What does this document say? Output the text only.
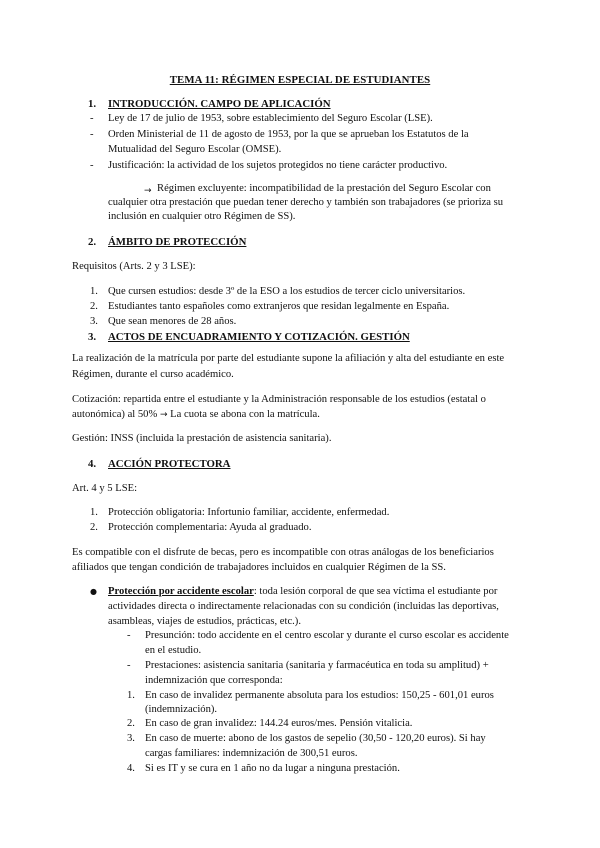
TEMA 11: RÉGIMEN ESPECIAL DE ESTUDIANTES
1. INTRODUCCIÓN. CAMPO DE APLICACIÓN
- Ley de 17 de julio de 1953, sobre establecimiento del Seguro Escolar (LSE).
- Orden Ministerial de 11 de agosto de 1953, por la que se aprueban los Estatutos de la
Mutualidad del Seguro Escolar (OMSE).
- Justificación: la actividad de los sujetos protegidos no tiene carácter productivo.
→ Régimen excluyente: incompatibilidad de la prestación del Seguro Escolar con
cualquier otra prestación que puedan tener derecho y también son trabajadores (se prioriza su
inclusión en cualquier otro Régimen de SS).
2. ÁMBITO DE PROTECCIÓN
Requisitos (Arts. 2 y 3 LSE):
1. Que cursen estudios: desde 3º de la ESO a los estudios de tercer ciclo universitarios.
2. Estudiantes tanto españoles como extranjeros que residan legalmente en España.
3. Que sean menores de 28 años.
3. ACTOS DE ENCUADRAMIENTO Y COTIZACIÓN. GESTIÓN
La realización de la matrícula por parte del estudiante supone la afiliación y alta del estudiante en este
Régimen, durante el curso académico.
Cotización: repartida entre el estudiante y la Administración responsable de los estudios (estatal o
autonómica) al 50% → La cuota se abona con la matrícula.
Gestión: INSS (incluida la prestación de asistencia sanitaria).
4. ACCIÓN PROTECTORA
Art. 4 y 5 LSE:
1. Protección obligatoria: Infortunio familiar, accidente, enfermedad.
2. Protección complementaria: Ayuda al graduado.
Es compatible con el disfrute de becas, pero es incompatible con otras análogas de los beneficiarios
afiliados que tengan condición de trabajadores incluidos en cualquier Régimen de la SS.
● Protección por accidente escolar: toda lesión corporal de que sea víctima el estudiante por
actividades directa o indirectamente relacionadas con su condición (incluidas las deportivas,
asambleas, viajes de estudios, prácticas, etc.).
- Presunción: todo accidente en el centro escolar y durante el curso escolar es accidente
en el estudio.
- Prestaciones: asistencia sanitaria (sanitaria y farmacéutica en toda su amplitud) +
indemnización que corresponda:
1. En caso de invalidez permanente absoluta para los estudios: 150,25 - 601,01 euros
(indemnización).
2. En caso de gran invalidez: 144.24 euros/mes. Pensión vitalicia.
3. En caso de muerte: abono de los gastos de sepelio (30,50 - 120,20 euros). Si hay
cargas familiares: indemnización de 300,51 euros.
4. Si es IT y se cura en 1 año no da lugar a ninguna prestación.
